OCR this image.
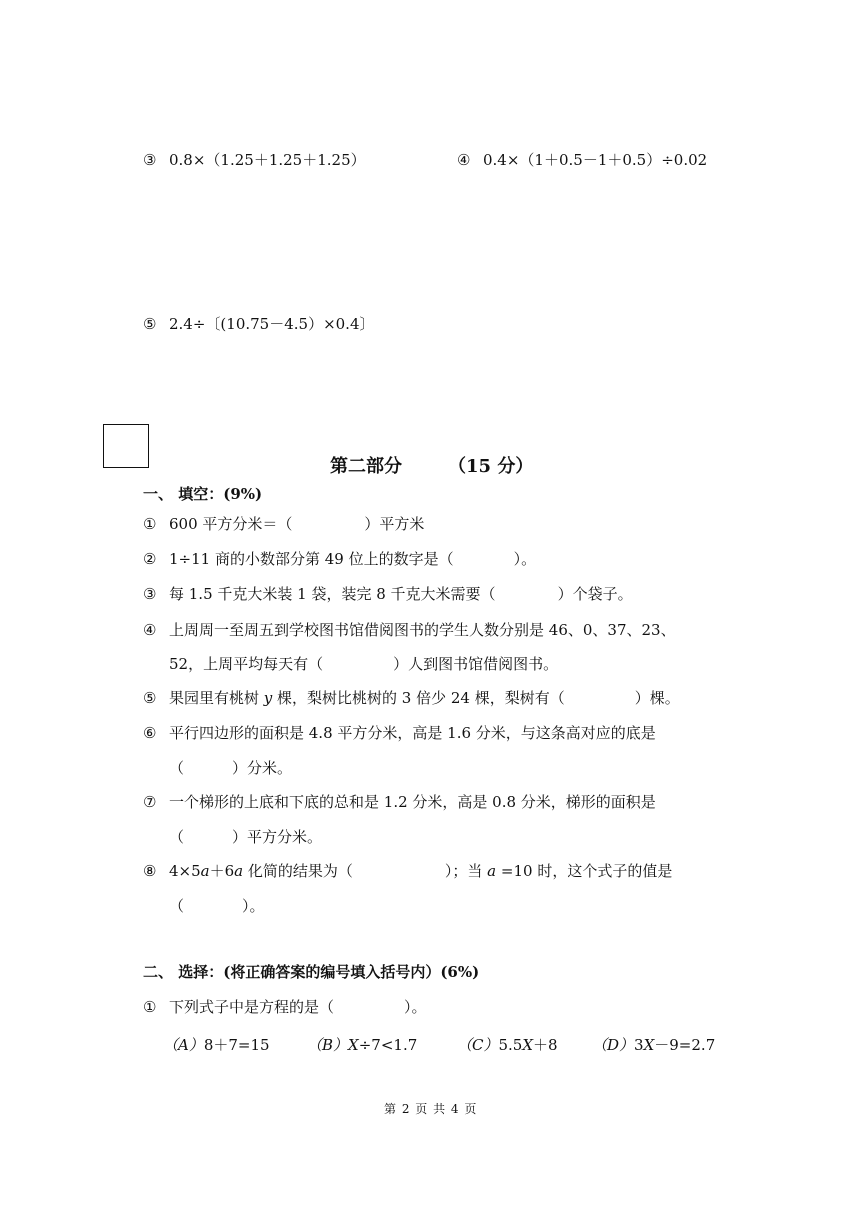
③ 0.8×（1.25＋1.25＋1.25）	④ 0.4×（1＋0.5－1＋0.5）÷0.02
⑤ 2.4÷〔(10.75－4.5）×0.4〕
第二部分	（15 分）
一、 填空：(9%)
① 600 平方分米＝（	）平方米
② 1÷11 商的小数部分第 49 位上的数字是（	）。
③ 每 1.5 千克大米装 1 袋，装完 8 千克大米需要（	）个袋子。
④ 上周周一至周五到学校图书馆借阅图书的学生人数分别是 46、0、37、23、
52，上周平均每天有（	）人到图书馆借阅图书。
⑤ 果园里有桃树 y 棵，梨树比桃树的 3 倍少 24 棵，梨树有（	）棵。
⑥ 平行四边形的面积是 4.8 平方分米，高是 1.6 分米，与这条高对应的底是
（	）分米。
⑦ 一个梯形的上底和下底的总和是 1.2 分米，高是 0.8 分米，梯形的面积是
（	）平方分米。
⑧ 4×5a＋6a 化简的结果为（	）；当 a =10 时，这个式子的值是
（	）。
二、 选择：(将正确答案的编号填入括号内）(6%)
① 下列式子中是方程的是（	）。
（A）8＋7=15 （B）X÷7<1.7	（C）5.5X＋8 （D）3X－9=2.7
第 2 页 共 4 页
